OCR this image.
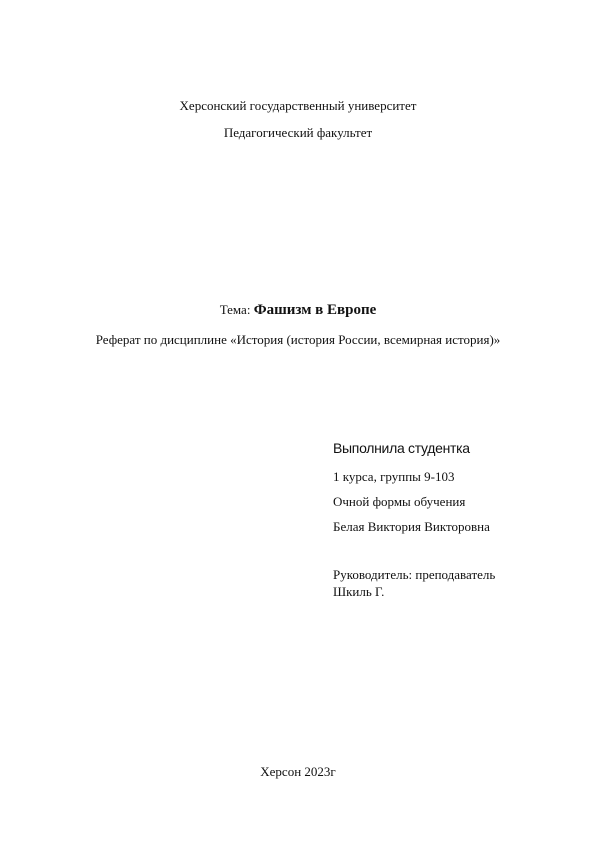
Херсонский государственный университет
Педагогический факультет
Тема: Фашизм в Европе
Реферат по дисциплине «История (история России, всемирная история)»
Выполнила студентка
1 курса, группы 9-103
Очной формы обучения
Белая Виктория Викторовна
Руководитель: преподаватель
Шкиль Г.
Херсон 2023г
